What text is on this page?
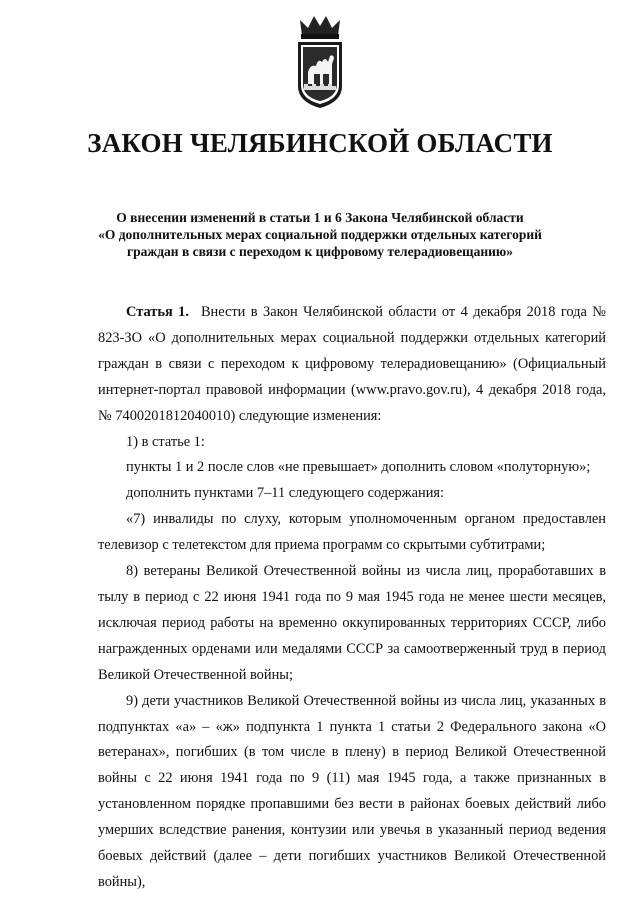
ЗАКОН ЧЕЛЯБИНСКОЙ ОБЛАСТИ
О внесении изменений в статьи 1 и 6 Закона Челябинской области
«О дополнительных мерах социальной поддержки отдельных категорий
граждан в связи с переходом к цифровому телерадиовещанию»

Статья 1. Внести в Закон Челябинской области от 4 декабря 2018 года № 823-ЗО «О дополнительных мерах социальной поддержки отдельных категорий граждан в связи с переходом к цифровому телерадиовещанию» (Официальный интернет-портал правовой информации (www.pravo.gov.ru), 4 декабря 2018 года, № 7400201812040010) следующие изменения:

1) в статье 1:

пункты 1 и 2 после слов «не превышает» дополнить словом «полуторную»;

дополнить пунктами 7–11 следующего содержания:

«7) инвалиды по слуху, которым уполномоченным органом предоставлен телевизор с телетекстом для приема программ со скрытыми субтитрами;

8) ветераны Великой Отечественной войны из числа лиц, проработавших в тылу в период с 22 июня 1941 года по 9 мая 1945 года не менее шести месяцев, исключая период работы на временно оккупированных территориях СССР, либо награжденных орденами или медалями СССР за самоотверженный труд в период Великой Отечественной войны;

9) дети участников Великой Отечественной войны из числа лиц, указанных в подпунктах «а» – «ж» подпункта 1 пункта 1 статьи 2 Федерального закона «О ветеранах», погибших (в том числе в плену) в период Великой Отечественной войны с 22 июня 1941 года по 9 (11) мая 1945 года, а также признанных в установленном порядке пропавшими без вести в районах боевых действий либо умерших вследствие ранения, контузии или увечья в указанный период ведения боевых действий (далее – дети погибших участников Великой Отечественной войны),
